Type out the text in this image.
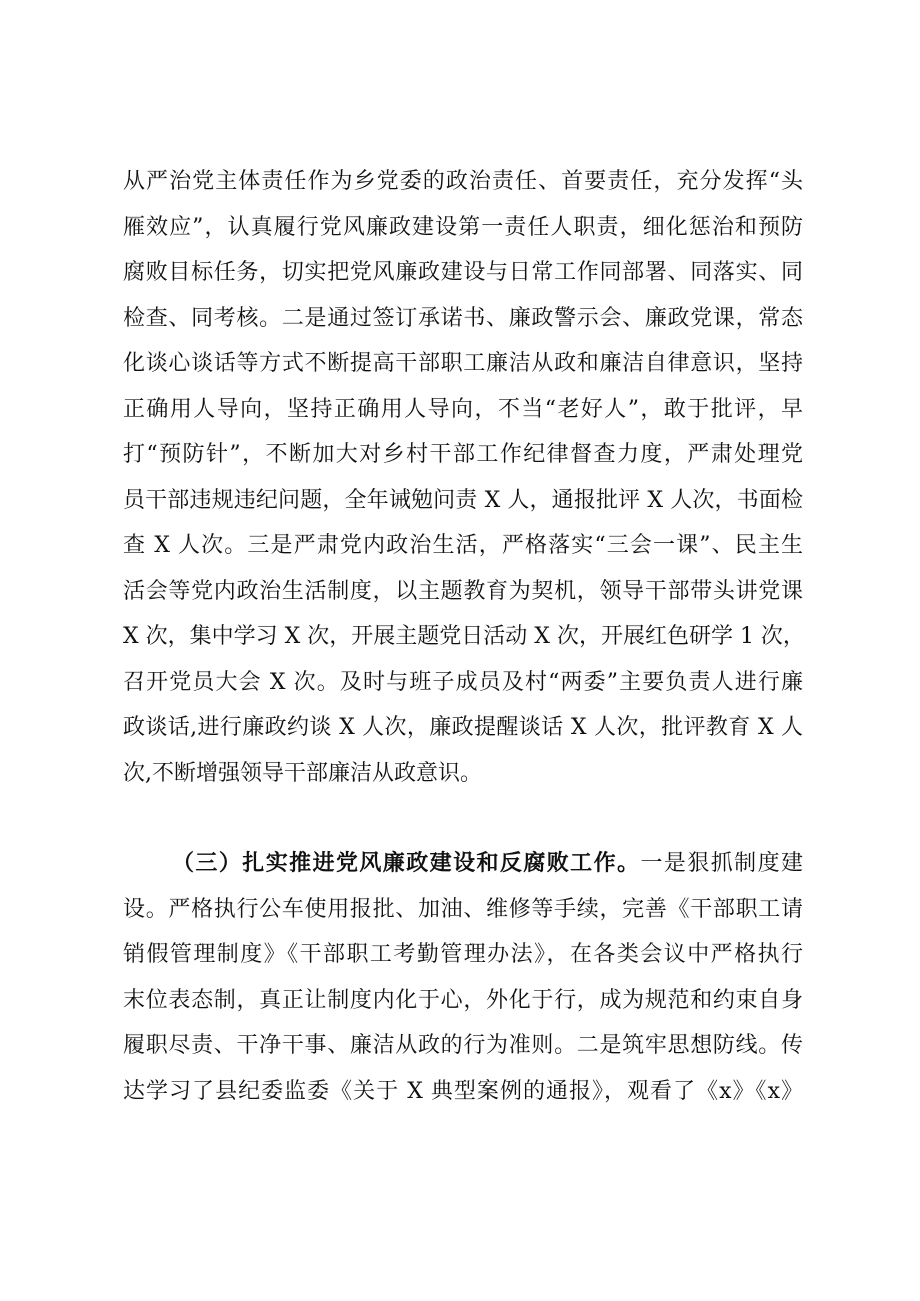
从严治党主体责任作为乡党委的政治责任、首要责任，充分发挥“头
雁效应”，认真履行党风廉政建设第一责任人职责，细化惩治和预防
腐败目标任务，切实把党风廉政建设与日常工作同部署、同落实、同
检查、同考核。二是通过签订承诺书、廉政警示会、廉政党课，常态
化谈心谈话等方式不断提高干部职工廉洁从政和廉洁自律意识，坚持
正确用人导向，坚持正确用人导向，不当“老好人”，敢于批评，早
打“预防针”，不断加大对乡村干部工作纪律督查力度，严肃处理党
员干部违规违纪问题，全年诫勉问责 X 人，通报批评 X 人次，书面检
查 X 人次。三是严肃党内政治生活，严格落实“三会一课”、民主生
活会等党内政治生活制度，以主题教育为契机，领导干部带头讲党课
X 次，集中学习 X 次，开展主题党日活动 X 次，开展红色研学 1 次，
召开党员大会 X 次。及时与班子成员及村“两委”主要负责人进行廉
政谈话,进行廉政约谈 X 人次，廉政提醒谈话 X 人次，批评教育 X 人
次,不断增强领导干部廉洁从政意识。
（三）扎实推进党风廉政建设和反腐败工作。一是狠抓制度建
设。严格执行公车使用报批、加油、维修等手续，完善《干部职工请
销假管理制度》《干部职工考勤管理办法》，在各类会议中严格执行
末位表态制，真正让制度内化于心，外化于行，成为规范和约束自身
履职尽责、干净干事、廉洁从政的行为准则。二是筑牢思想防线。传
达学习了县纪委监委《关于 X 典型案例的通报》，观看了《x》《x》
